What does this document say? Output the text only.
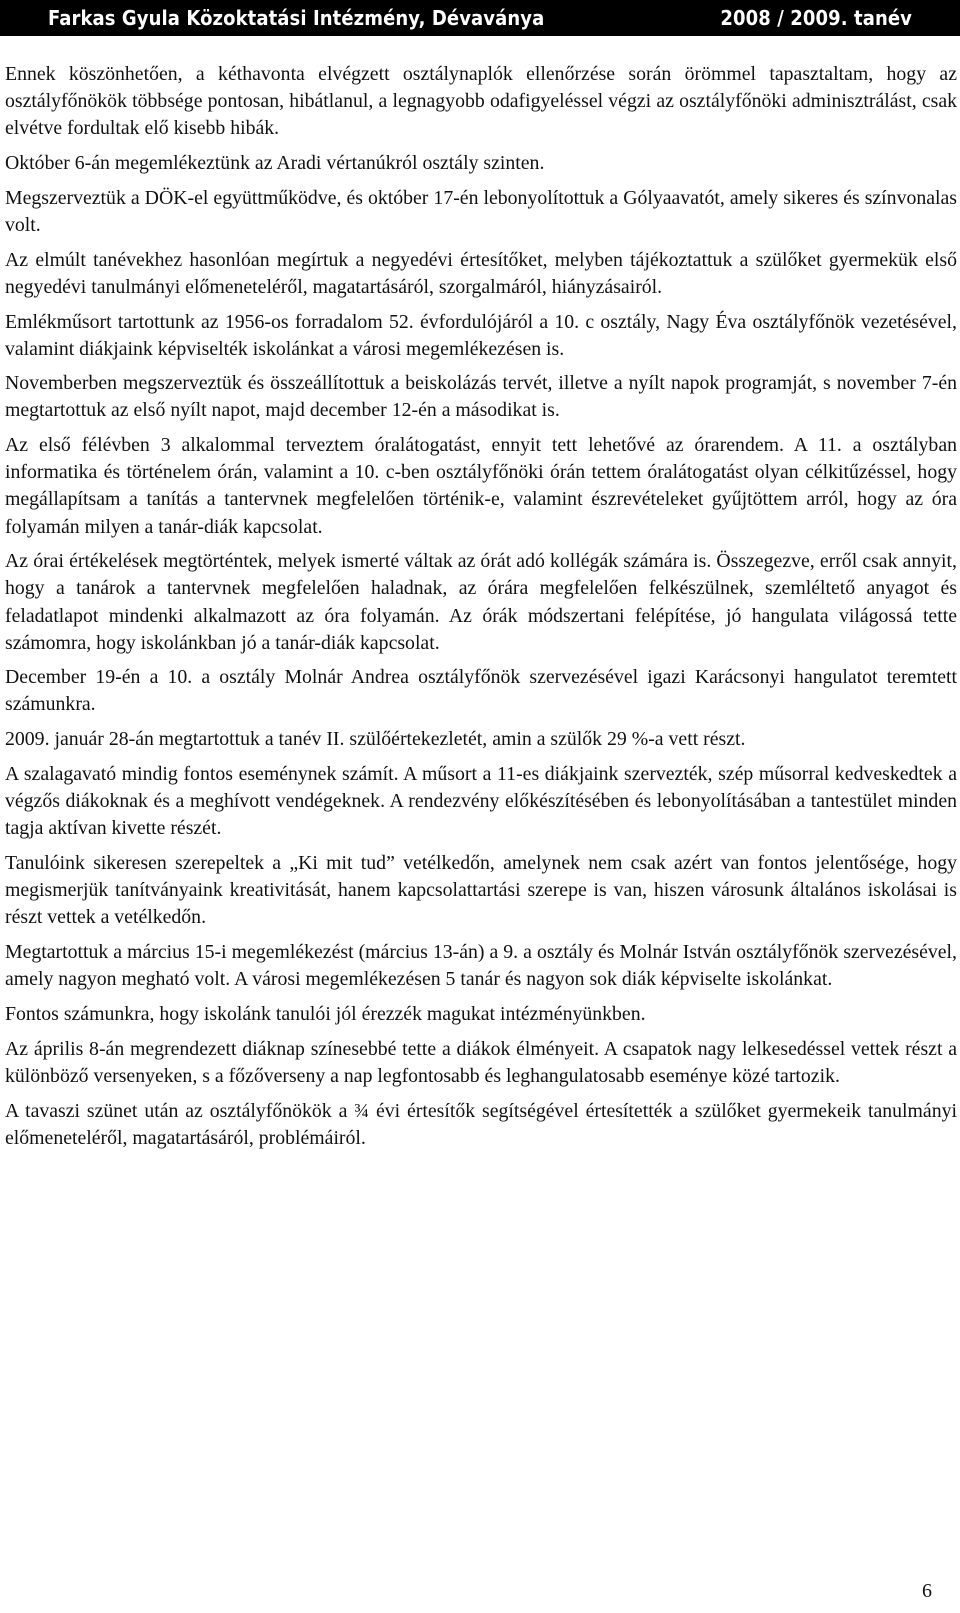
Farkas Gyula Közoktatási Intézmény, Dévaványa	2008 / 2009. tanév

Ennek köszönhetően, a kéthavonta elvégzett osztálynaplók ellenőrzése során örömmel tapasztaltam, hogy az osztályfőnökök többsége pontosan, hibátlanul, a legnagyobb odafigyeléssel végzi az osztályfőnöki adminisztrálást, csak elvétve fordultak elő kisebb hibák.

Október 6-án megemlékeztünk az Aradi vértanúkról osztály szinten.

Megszerveztük a DÖK-el együttműködve, és október 17-én lebonyolítottuk a Gólyaavatót, amely sikeres és színvonalas volt.

Az elmúlt tanévekhez hasonlóan megírtuk a negyedévi értesítőket, melyben tájékoztattuk a szülőket gyermekük első negyedévi tanulmányi előmeneteléről, magatartásáról, szorgalmáról, hiányzásairól.

Emlékműsort tartottunk az 1956-os forradalom 52. évfordulójáról a 10. c osztály, Nagy Éva osztályfőnök vezetésével, valamint diákjaink képviselték iskolánkat a városi megemlékezésen is.

Novemberben megszerveztük és összeállítottuk a beiskolázás tervét, illetve a nyílt napok programját, s november 7-én megtartottuk az első nyílt napot, majd december 12-én a másodikat is.

Az első félévben 3 alkalommal terveztem óralátogatást, ennyit tett lehetővé az órarendem. A 11. a osztályban informatika és történelem órán, valamint a 10. c-ben osztályfőnöki órán tettem óralátogatást olyan célkitűzéssel, hogy megállapítsam a tanítás a tantervnek megfelelően történik-e, valamint észrevételeket gyűjtöttem arról, hogy az óra folyamán milyen a tanár-diák kapcsolat.

Az órai értékelések megtörténtek, melyek ismerté váltak az órát adó kollégák számára is. Összegezve, erről csak annyit, hogy a tanárok a tantervnek megfelelően haladnak, az órára megfelelően felkészülnek, szemléltető anyagot és feladatlapot mindenki alkalmazott az óra folyamán. Az órák módszertani felépítése, jó hangulata világossá tette számomra, hogy iskolánkban jó a tanár-diák kapcsolat.

December 19-én a 10. a osztály Molnár Andrea osztályfőnök szervezésével igazi Karácsonyi hangulatot teremtett számunkra.

2009. január 28-án megtartottuk a tanév II. szülőértekezletét, amin a szülők 29 %-a vett részt.

A szalagavató mindig fontos eseménynek számít. A műsort a 11-es diákjaink szervezték, szép műsorral kedveskedtek a végzős diákoknak és a meghívott vendégeknek. A rendezvény előkészítésében és lebonyolításában a tantestület minden tagja aktívan kivette részét.

Tanulóink sikeresen szerepeltek a „Ki mit tud” vetélkedőn, amelynek nem csak azért van fontos jelentősége, hogy megismerjük tanítványaink kreativitását, hanem kapcsolattartási szerepe is van, hiszen városunk általános iskolásai is részt vettek a vetélkedőn.

Megtartottuk a március 15-i megemlékezést (március 13-án) a 9. a osztály és Molnár István osztályfőnök szervezésével, amely nagyon megható volt. A városi megemlékezésen 5 tanár és nagyon sok diák képviselte iskolánkat.

Fontos számunkra, hogy iskolánk tanulói jól érezzék magukat intézményünkben.

Az április 8-án megrendezett diáknap színesebbé tette a diákok élményeit. A csapatok nagy lelkesedéssel vettek részt a különböző versenyeken, s a főzőverseny a nap legfontosabb és leghangulatosabb eseménye közé tartozik.

A tavaszi szünet után az osztályfőnökök a ¾ évi értesítők segítségével értesítették a szülőket gyermekeik tanulmányi előmeneteléről, magatartásáról, problémáiról.

6
